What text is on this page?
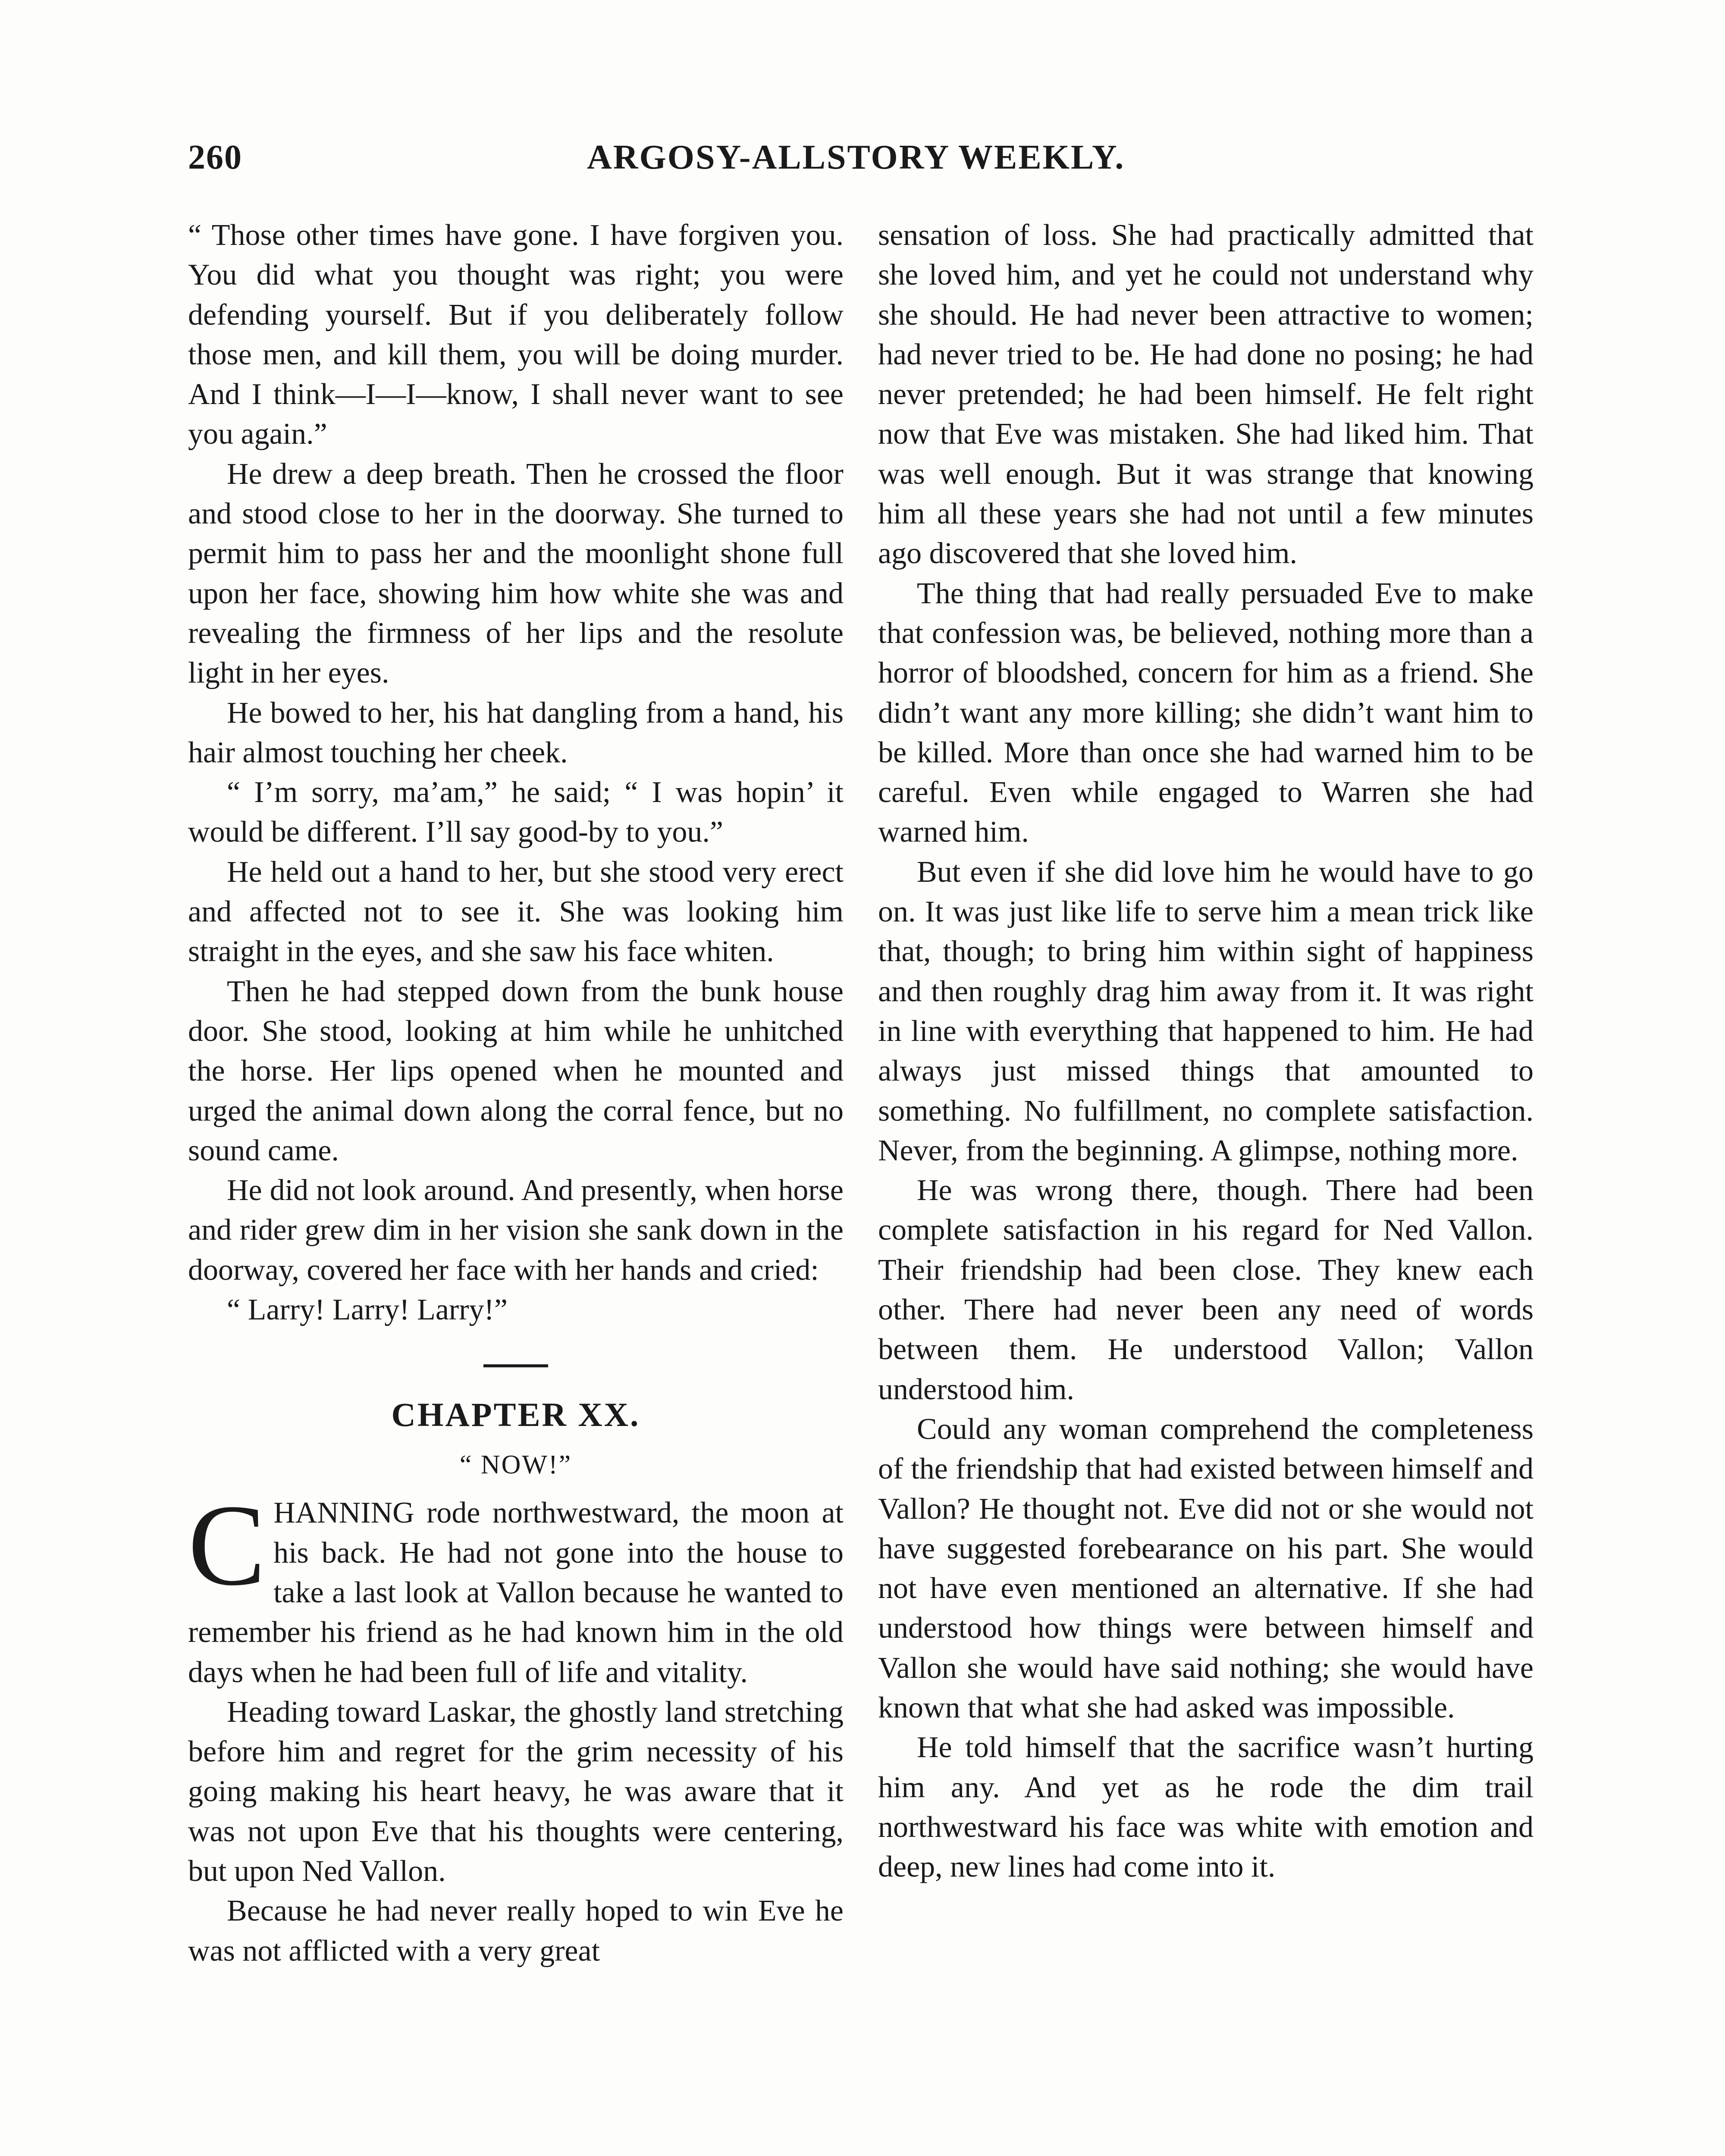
260	ARGOSY-ALLSTORY WEEKLY.

“ Those other times have gone. I have forgiven you. You did what you thought was right; you were defending yourself. But if you deliberately follow those men, and kill them, you will be doing murder. And I think—I—I—know, I shall never want to see you again.”

He drew a deep breath. Then he crossed the floor and stood close to her in the doorway. She turned to permit him to pass her and the moonlight shone full upon her face, showing him how white she was and revealing the firmness of her lips and the resolute light in her eyes.

He bowed to her, his hat dangling from a hand, his hair almost touching her cheek.

“ I’m sorry, ma’am,” he said; “ I was hopin’ it would be different. I’ll say good-by to you.”

He held out a hand to her, but she stood very erect and affected not to see it. She was looking him straight in the eyes, and she saw his face whiten.

Then he had stepped down from the bunk house door. She stood, looking at him while he unhitched the horse. Her lips opened when he mounted and urged the animal down along the corral fence, but no sound came.

He did not look around. And presently, when horse and rider grew dim in her vision she sank down in the doorway, covered her face with her hands and cried:

“ Larry! Larry! Larry!”

CHAPTER XX.
“ NOW!”

CHANNING rode northwestward, the moon at his back. He had not gone into the house to take a last look at Vallon because he wanted to remember his friend as he had known him in the old days when he had been full of life and vitality.

Heading toward Laskar, the ghostly land stretching before him and regret for the grim necessity of his going making his heart heavy, he was aware that it was not upon Eve that his thoughts were centering, but upon Ned Vallon.

Because he had never really hoped to win Eve he was not afflicted with a very great

sensation of loss. She had practically admitted that she loved him, and yet he could not understand why she should. He had never been attractive to women; had never tried to be. He had done no posing; he had never pretended; he had been himself. He felt right now that Eve was mistaken. She had liked him. That was well enough. But it was strange that knowing him all these years she had not until a few minutes ago discovered that she loved him.

The thing that had really persuaded Eve to make that confession was, be believed, nothing more than a horror of bloodshed, concern for him as a friend. She didn’t want any more killing; she didn’t want him to be killed. More than once she had warned him to be careful. Even while engaged to Warren she had warned him.

But even if she did love him he would have to go on. It was just like life to serve him a mean trick like that, though; to bring him within sight of happiness and then roughly drag him away from it. It was right in line with everything that happened to him. He had always just missed things that amounted to something. No fulfillment, no complete satisfaction. Never, from the beginning. A glimpse, nothing more.

He was wrong there, though. There had been complete satisfaction in his regard for Ned Vallon. Their friendship had been close. They knew each other. There had never been any need of words between them. He understood Vallon; Vallon understood him.

Could any woman comprehend the completeness of the friendship that had existed between himself and Vallon? He thought not. Eve did not or she would not have suggested forebearance on his part. She would not have even mentioned an alternative. If she had understood how things were between himself and Vallon she would have said nothing; she would have known that what she had asked was impossible.

He told himself that the sacrifice wasn’t hurting him any. And yet as he rode the dim trail northwestward his face was white with emotion and deep, new lines had come into it.
